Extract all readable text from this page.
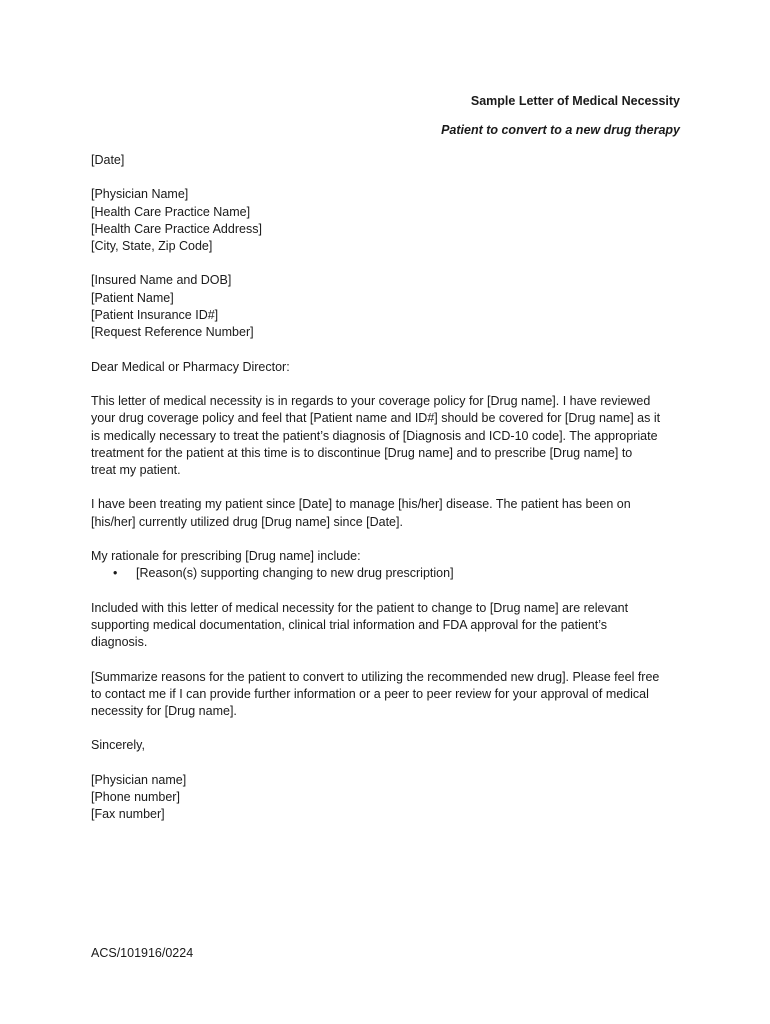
Sample Letter of Medical Necessity
Patient to convert to a new drug therapy
[Date]
[Physician Name]
[Health Care Practice Name]
[Health Care Practice Address]
[City, State, Zip Code]
[Insured Name and DOB]
[Patient Name]
[Patient Insurance ID#]
[Request Reference Number]
Dear Medical or Pharmacy Director:
This letter of medical necessity is in regards to your coverage policy for [Drug name]. I have reviewed
your drug coverage policy and feel that [Patient name and ID#] should be covered for [Drug name] as it
is medically necessary to treat the patient’s diagnosis of [Diagnosis and ICD-10 code]. The appropriate
treatment for the patient at this time is to discontinue [Drug name] and to prescribe [Drug name] to
treat my patient.
I have been treating my patient since [Date] to manage [his/her] disease. The patient has been on
[his/her] currently utilized drug [Drug name] since [Date].
My rationale for prescribing [Drug name] include:
• [Reason(s) supporting changing to new drug prescription]
Included with this letter of medical necessity for the patient to change to [Drug name] are relevant
supporting medical documentation, clinical trial information and FDA approval for the patient’s
diagnosis.
[Summarize reasons for the patient to convert to utilizing the recommended new drug]. Please feel free
to contact me if I can provide further information or a peer to peer review for your approval of medical
necessity for [Drug name].
Sincerely,
[Physician name]
[Phone number]
[Fax number]
ACS/101916/0224
